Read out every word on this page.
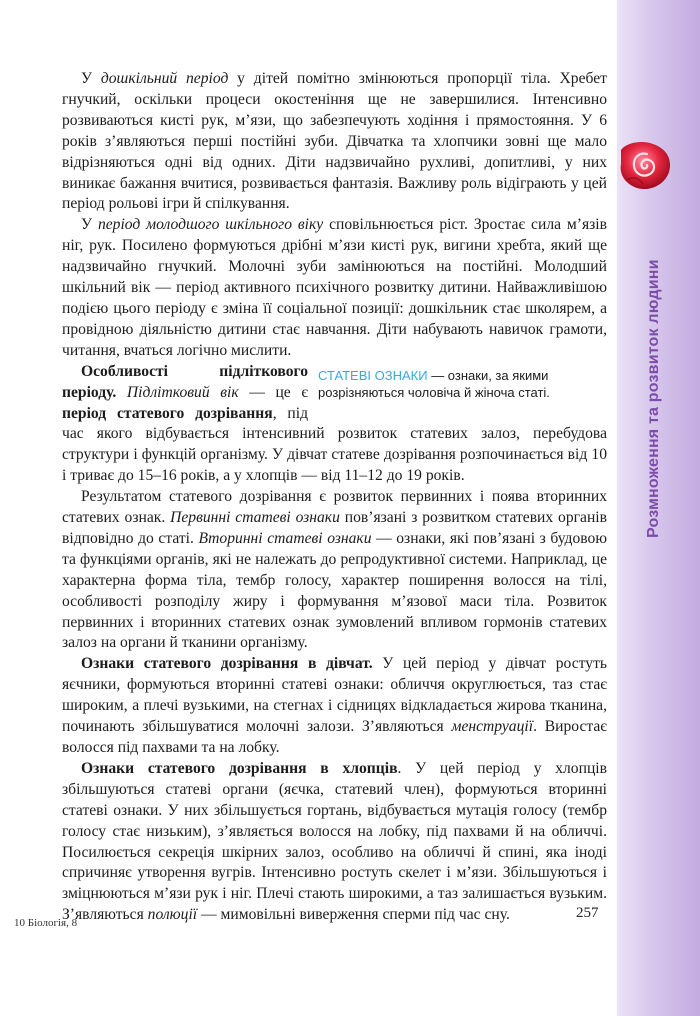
Розмноження та розвиток людини

У дошкільний період у дітей помітно змінюються пропорції тіла. Хребет гнучкий, оскільки процеси окостеніння ще не завершилися. Інтенсивно розвиваються кисті рук, м’язи, що забезпечують ходіння і прямостояння. У 6 років з’являються перші постійні зуби. Дівчатка та хлопчики зовні ще мало відрізняються одні від одних. Діти надзвичайно рухливі, допитливі, у них виникає бажання вчитися, розвивається фантазія. Важливу роль відіграють у цей період рольові ігри й спілкування.

У період молодшого шкільного віку сповільнюється ріст. Зростає сила м’язів ніг, рук. Посилено формуються дрібні м’язи кисті рук, вигини хребта, який ще надзвичайно гнучкий. Молочні зуби замінюються на постійні. Молодший шкільний вік — період активного психічного розвитку дитини. Найважливішою подією цього періоду є зміна її соціальної позиції: дошкільник стає школярем, а провідною діяльністю дитини стає навчання. Діти набувають навичок грамоти, читання, вчаться логічно мислити.

СТАТЕВІ ОЗНАКИ — ознаки, за якими розрізняються чоловіча й жіноча статі.
Особливості підліткового періоду. Підлітковий вік — це є період статевого дозрівання, під час якого відбувається інтенсивний розвиток статевих залоз, перебудова структури і функцій організму. У дівчат статеве дозрівання розпочинається від 10 і триває до 15–16 років, а у хлопців — від 11–12 до 19 років.

Результатом статевого дозрівання є розвиток первинних і поява вторинних статевих ознак. Первинні статеві ознаки пов’язані з розвитком статевих органів відповідно до статі. Вторинні статеві ознаки — ознаки, які пов’язані з будовою та функціями органів, які не належать до репродуктивної системи. Наприклад, це характерна форма тіла, тембр голосу, характер поширення волосся на тілі, особливості розподілу жиру і формування м’язової маси тіла. Розвиток первинних і вторинних статевих ознак зумовлений впливом гормонів статевих залоз на органи й тканини організму.

Ознаки статевого дозрівання в дівчат. У цей період у дівчат ростуть яєчники, формуються вторинні статеві ознаки: обличчя округлюється, таз стає широким, а плечі вузькими, на стегнах і сідницях відкладається жирова тканина, починають збільшуватися молочні залози. З’являються менструації. Виростає волосся під пахвами та на лобку.

Ознаки статевого дозрівання в хлопців. У цей період у хлопців збільшуються статеві органи (яєчка, статевий член), формуються вторинні статеві ознаки. У них збільшується гортань, відбувається мутація голосу (тембр голосу стає низьким), з’являється волосся на лобку, під пахвами й на обличчі. Посилюється секреція шкірних залоз, особливо на обличчі й спині, яка іноді спричиняє утворення вугрів. Інтенсивно ростуть скелет і м’язи. Збільшуються і зміцнюються м’язи рук і ніг. Плечі стають широкими, а таз залишається вузьким. З’являються полюції — мимовільні виверження сперми під час сну.

10 Біологія, 8
257
